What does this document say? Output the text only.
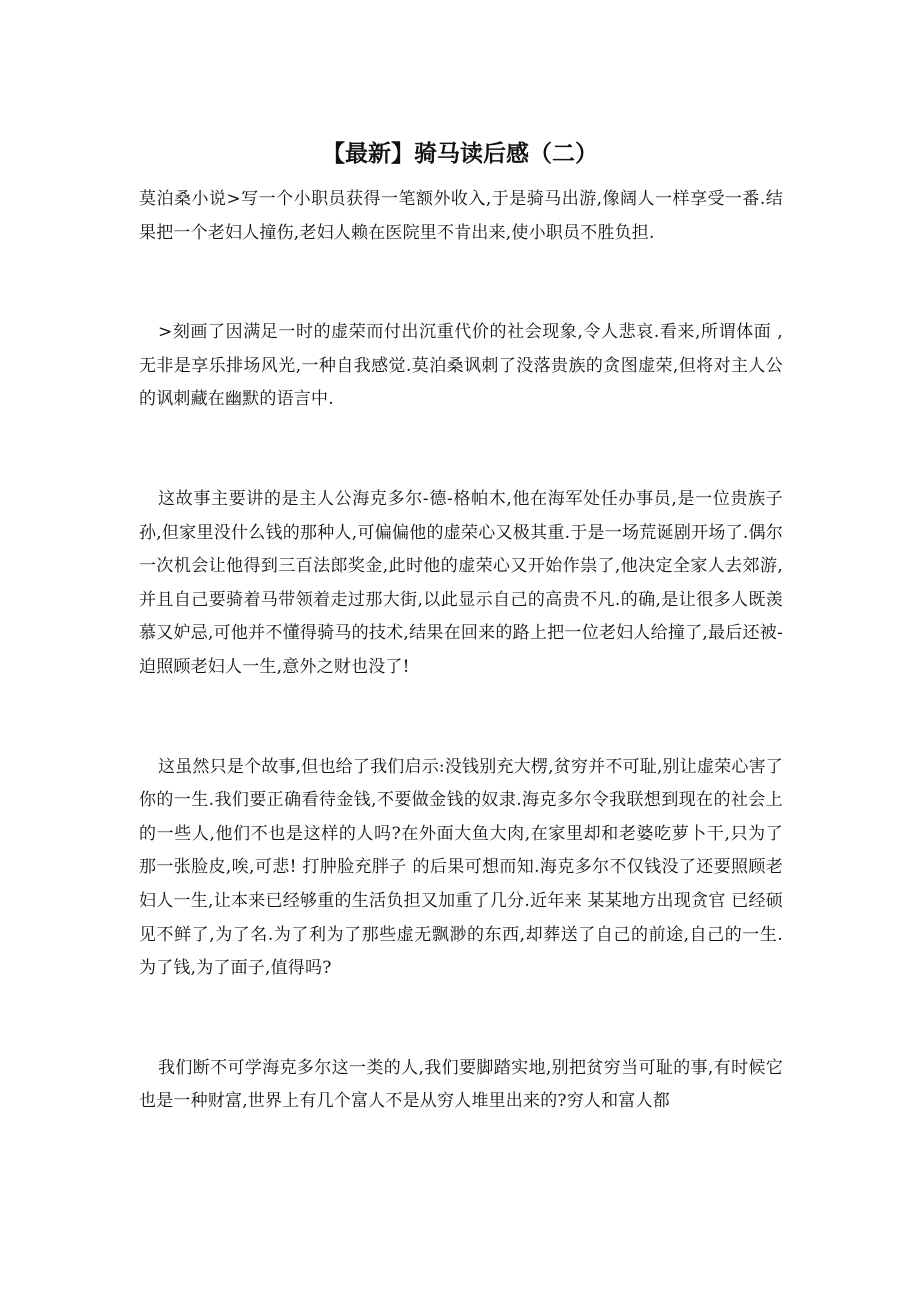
【最新】骑马读后感（二）

莫泊桑小说>写一个小职员获得一笔额外收入,于是骑马出游,像阔人一样享受一番.结果把一个老妇人撞伤,老妇人赖在医院里不肯出来,使小职员不胜负担.

>刻画了因满足一时的虚荣而付出沉重代价的社会现象,令人悲哀.看来,所谓体面 ,无非是享乐排场风光,一种自我感觉.莫泊桑讽刺了没落贵族的贪图虚荣,但将对主人公的讽刺藏在幽默的语言中.

这故事主要讲的是主人公海克多尔-德-格帕木,他在海军处任办事员,是一位贵族子孙,但家里没什么钱的那种人,可偏偏他的虚荣心又极其重.于是一场荒诞剧开场了.偶尔一次机会让他得到三百法郎奖金,此时他的虚荣心又开始作祟了,他决定全家人去郊游,并且自己要骑着马带领着走过那大街,以此显示自己的高贵不凡.的确,是让很多人既羡慕又妒忌,可他并不懂得骑马的技术,结果在回来的路上把一位老妇人给撞了,最后还被-迫照顾老妇人一生,意外之财也没了!

这虽然只是个故事,但也给了我们启示:没钱别充大楞,贫穷并不可耻,别让虚荣心害了你的一生.我们要正确看待金钱,不要做金钱的奴隶.海克多尔令我联想到现在的社会上的一些人,他们不也是这样的人吗?在外面大鱼大肉,在家里却和老婆吃萝卜干,只为了那一张脸皮,唉,可悲! 打肿脸充胖子 的后果可想而知.海克多尔不仅钱没了还要照顾老妇人一生,让本来已经够重的生活负担又加重了几分.近年来 某某地方出现贪官 已经硕见不鲜了,为了名.为了利为了那些虚无飘渺的东西,却葬送了自己的前途,自己的一生.为了钱,为了面子,值得吗?

我们断不可学海克多尔这一类的人,我们要脚踏实地,别把贫穷当可耻的事,有时候它也是一种财富,世界上有几个富人不是从穷人堆里出来的?穷人和富人都
